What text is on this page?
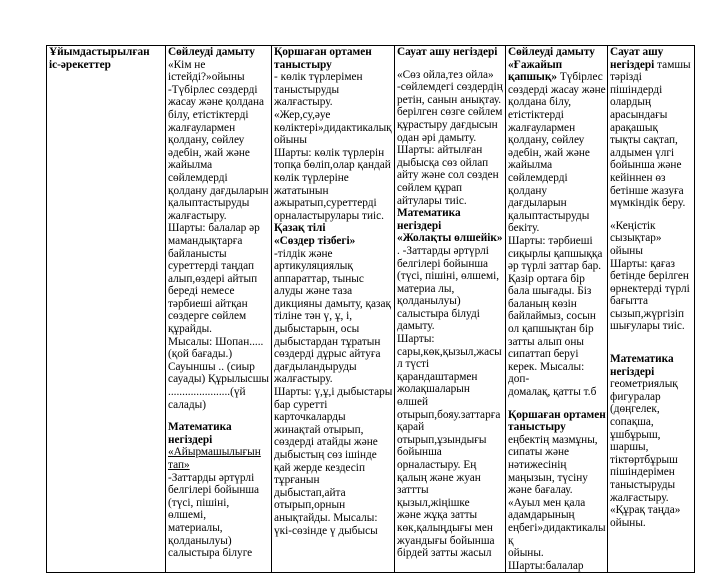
Ұйымдастырылған
іс-әрекеттер

Сөйлеуді дамыту
«Кім не
істейді?»ойыны
-Түбірлес сөздерді
жасау және қолдана
білу, етістіктерді
жалғаулармен
қолдану, сөйлеу
әдебін, жай және
жайылма сөйлемдерді
қолдану дағдыларын
қалыптастыруды
жалғастыру.
Шарты: балалар әр
мамандықтарға
байланысты
суреттерді таңдап
алып,өздері айтып
береді немесе
тәрбиеші айтқан
сөздерге сөйлем
құрайды.
Мысалы: Шопан.....
(қой бағады.)
Сауыншы .. (сиыр
сауады) Құрылысшы
......................(үй
салады)
Математика
негіздері
«Айырмашылығын
тап»
-Заттарды әртүрлі
белгілері бойынша
(түсі, пішіні, өлшемі,
материалы,
қолданылуы)
салыстыра білуге

Қоршаған ортамен
таныстыру
- көлік түрлерімен
таныстыруды
жалғастыру.
«Жер,су,әуе
көліктері»дидактикалық
ойыны
Шарты: көлік түрлерін
топқа бөліп,олар қандай
көлік түрлеріне
жататынын
ажыратып,суреттерді
орналастырулары тиіс.
Қазақ тілі
«Сөздер тізбегі»
-тілдік және
артикуляциялық
аппараттар, тыныс
алуды және таза
дикцияны дамыту, қазақ
тіліне тән ү, ұ, і,
дыбыстарын, осы
дыбыстардан тұратын
сөздерді дұрыс айтуға
дағдыландыруды
жалғастыру.
Шарты: ү,ұ,і дыбыстары
бар суретті
карточкаларды
жинақтай отырып,
сөздерді атайды және
дыбыстың сөз ішінде
қай жерде кездесіп
тұрғанын
дыбыстап,айта
отырып,орнын
анықтайды. Мысалы:
үкі-сөзінде ү дыбысы

Сауат ашу негіздері
«Сөз ойла,тез ойла»
-сөйлемдегі сөздердің
ретін, санын анықтау.
берілген сөзге сөйлем
құрастыру дағдысын
одан әрі дамыту.
Шарты: айтылған
дыбысқа сөз ойлап
айту және сол сөзден
сөйлем құрап
айтулары тиіс.
Математика негіздері
«Жолақты өлшейік»
. -Заттарды әртүрлі
белгілері бойынша
(түсі, пішіні, өлшемі,
материа лы,
қолданылуы)
салыстыра білуді
дамыту.
Шарты:
сары,көк,қызыл,жасы
л түсті
қарандаштармен
жолақшаларын
өлшей
отырып,бояу.заттарға
қарай
отырып,ұзындығы
бойынша
орналастыру. Ең
қалың және жуан
заттты қызыл,жіңішке
және жұқа затты
көк,қалыңдығы мен
жуандығы бойынша
бірдей затты жасыл

Сөйлеуді дамыту
«Ғажайып
қапшық» Түбірлес

сөздерді жасау және
қолдана білу,
етістіктерді
жалғаулармен
қолдану, сөйлеу
әдебін, жай және
жайылма
сөйлемдерді қолдану
дағдыларын
қалыптастыруды
бекіту.
Шарты: тәрбиеші
сиқырлы қапшыққа
әр түрлі заттар бар.
Қазір ортаға бір
бала шығады. Біз
баланың көзін
байлаймыз, сосын
ол қапшықтан бір
затты алып оны
сипаттап беруі
керек. Мысалы: доп-
домалақ, қатты т.б
Қоршаған ортамен
таныстыру
еңбектің мазмұны,
сипаты және
нәтижесінің
маңызын, түсіну
және бағалау.
«Ауыл мен қала
адамдарының
еңбегі»дидактикалық
ойыны.
Шарты:балалар

Сауат ашу
негіздері тамшы

тәрізді
пішіндерді
олардың
арасындағы
арақашық
тықты сақтап,
алдымен үлгі
бойынша және
кейіннен өз
бетінше жазуға
мүмкіндік беру.
«Кеңістік
сызықтар» ойыны
Шарты: қағаз
бетінде берілген
өрнектерді түрлі
бағытта
сызып,жүргізіп
шығулары тиіс.
Математика
негіздері
геометриялық
фигуралар
(дөңгелек,
сопақша,
ұшбұрыш,
шаршы,
тіктөртбұрыш
пішіндерімен
таныстыруды
жалғастыру.
«Құрақ таңда»
ойыны.
